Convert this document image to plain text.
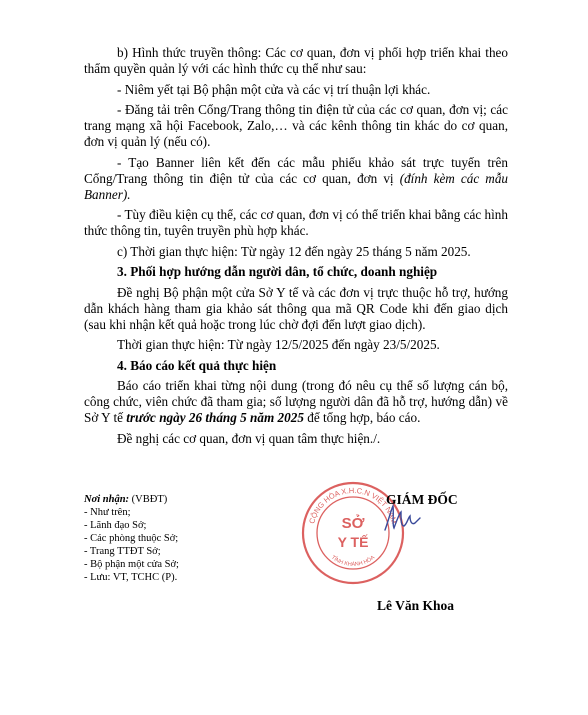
b) Hình thức truyền thông: Các cơ quan, đơn vị phối hợp triển khai theo thẩm quyền quản lý với các hình thức cụ thể như sau:

- Niêm yết tại Bộ phận một cửa và các vị trí thuận lợi khác.

- Đăng tải trên Cổng/Trang thông tin điện tử của các cơ quan, đơn vị; các trang mạng xã hội Facebook, Zalo,… và các kênh thông tin khác do cơ quan, đơn vị quản lý (nếu có).

- Tạo Banner liên kết đến các mẫu phiếu khảo sát trực tuyến trên Cổng/Trang thông tin điện tử của các cơ quan, đơn vị (đính kèm các mẫu Banner).

- Tùy điều kiện cụ thể, các cơ quan, đơn vị có thể triển khai bằng các hình thức thông tin, tuyên truyền phù hợp khác.

c) Thời gian thực hiện: Từ ngày 12 đến ngày 25 tháng 5 năm 2025.

3. Phối hợp hướng dẫn người dân, tổ chức, doanh nghiệp

Đề nghị Bộ phận một cửa Sở Y tế và các đơn vị trực thuộc hỗ trợ, hướng dẫn khách hàng tham gia khảo sát thông qua mã QR Code khi đến giao dịch (sau khi nhận kết quả hoặc trong lúc chờ đợi đến lượt giao dịch).

Thời gian thực hiện: Từ ngày 12/5/2025 đến ngày 23/5/2025.

4. Báo cáo kết quả thực hiện

Báo cáo triển khai từng nội dung (trong đó nêu cụ thể số lượng cán bộ, công chức, viên chức đã tham gia; số lượng người dân đã hỗ trợ, hướng dẫn) về Sở Y tế trước ngày 26 tháng 5 năm 2025 để tổng hợp, báo cáo.

Đề nghị các cơ quan, đơn vị quan tâm thực hiện./.

Nơi nhận: (VBĐT)
- Như trên;
- Lãnh đạo Sở;
- Các phòng thuộc Sở;
- Trang TTĐT Sở;
- Bộ phận một cửa Sở;
- Lưu: VT, TCHC (P).
CỘNG HÒA X.H.C.N VIỆT NAM
TỈNH KHÁNH HÒA
SỞ
Y TẾ
GIÁM ĐỐC
Lê Văn Khoa
